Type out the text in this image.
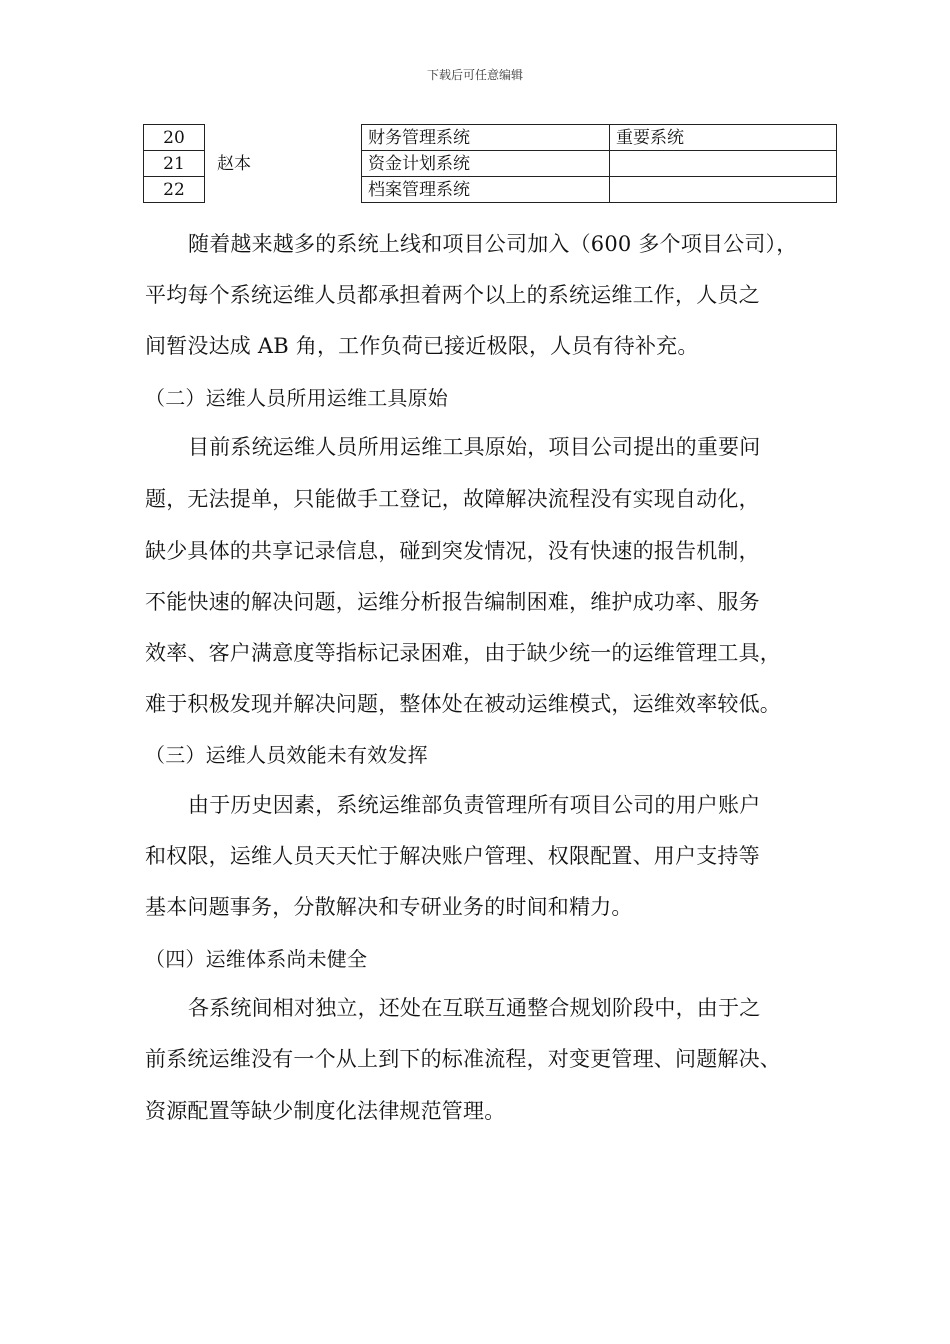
下载后可任意编辑
20	赵本	财务管理系统	重要系统
21		资金计划系统	
22		档案管理系统	
随着越来越多的系统上线和项目公司加入（600 多个项目公司），
平均每个系统运维人员都承担着两个以上的系统运维工作，人员之
间暂没达成 AB 角，工作负荷已接近极限，人员有待补充。
（二）运维人员所用运维工具原始
目前系统运维人员所用运维工具原始，项目公司提出的重要问
题，无法提单，只能做手工登记，故障解决流程没有实现自动化，
缺少具体的共享记录信息，碰到突发情况，没有快速的报告机制，
不能快速的解决问题，运维分析报告编制困难，维护成功率、服务
效率、客户满意度等指标记录困难，由于缺少统一的运维管理工具，
难于积极发现并解决问题，整体处在被动运维模式，运维效率较低。
（三）运维人员效能未有效发挥
由于历史因素，系统运维部负责管理所有项目公司的用户账户
和权限，运维人员天天忙于解决账户管理、权限配置、用户支持等
基本问题事务，分散解决和专研业务的时间和精力。
（四）运维体系尚未健全
各系统间相对独立，还处在互联互通整合规划阶段中，由于之
前系统运维没有一个从上到下的标准流程，对变更管理、问题解决、
资源配置等缺少制度化法律规范管理。
